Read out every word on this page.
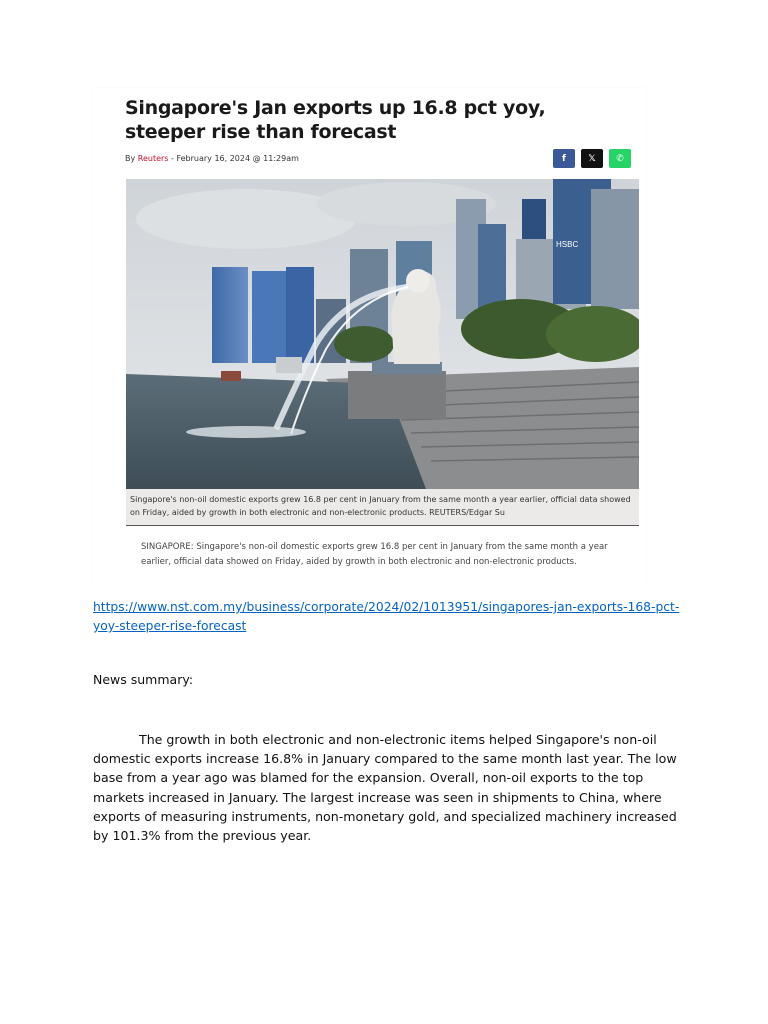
Singapore's Jan exports up 16.8 pct yoy, steeper rise than forecast
By Reuters - February 16, 2024 @ 11:29am	f 𝕏 ✆
HSBC
Singapore's non-oil domestic exports grew 16.8 per cent in January from the same month a year earlier, official data showed on Friday, aided by growth in both electronic and non-electronic products. REUTERS/Edgar Su

SINGAPORE: Singapore's non-oil domestic exports grew 16.8 per cent in January from the same month a year earlier, official data showed on Friday, aided by growth in both electronic and non-electronic products.

https://www.nst.com.my/business/corporate/2024/02/1013951/singapores-jan-exports-168-pct-yoy-steeper-rise-forecast

News summary:

The growth in both electronic and non-electronic items helped Singapore's non-oil domestic exports increase 16.8% in January compared to the same month last year. The low base from a year ago was blamed for the expansion. Overall, non-oil exports to the top markets increased in January. The largest increase was seen in shipments to China, where exports of measuring instruments, non-monetary gold, and specialized machinery increased by 101.3% from the previous year.
